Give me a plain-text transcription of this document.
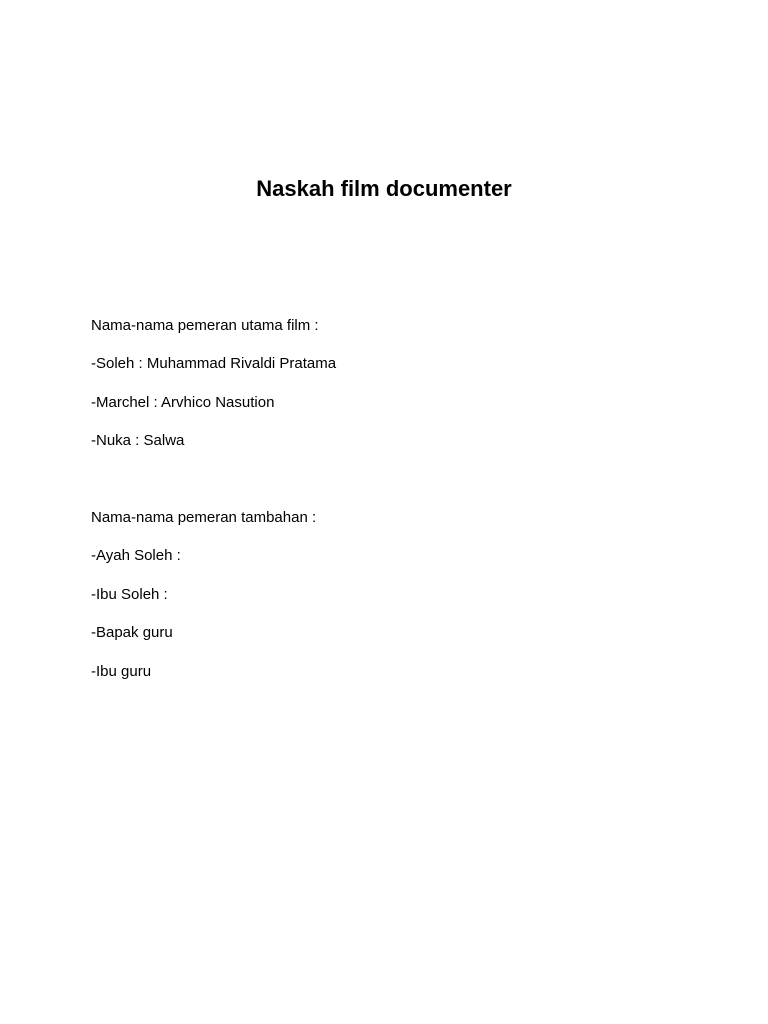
Naskah film documenter

Nama-nama pemeran utama film :

-Soleh : Muhammad Rivaldi Pratama

-Marchel : Arvhico Nasution

-Nuka : Salwa

Nama-nama pemeran tambahan :

-Ayah Soleh :

-Ibu Soleh :

-Bapak guru

-Ibu guru
